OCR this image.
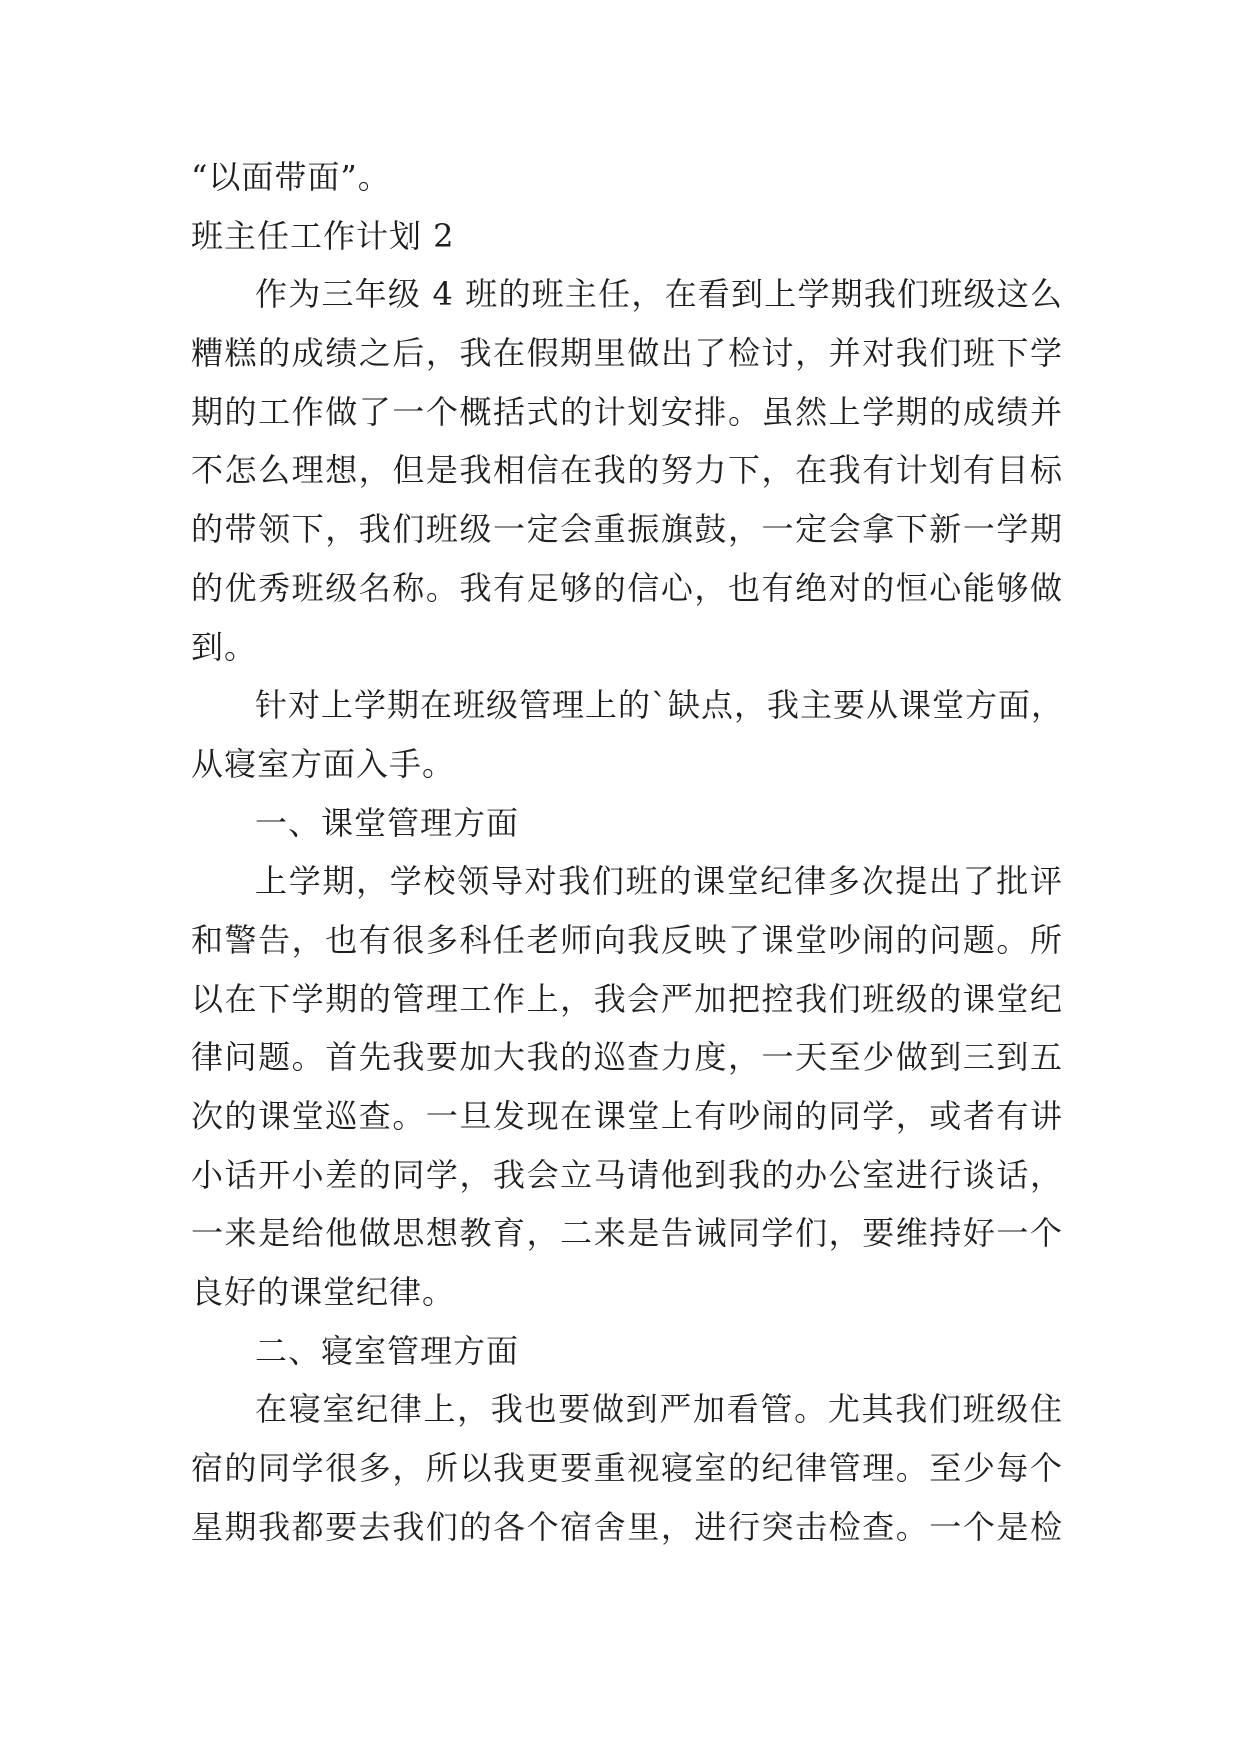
“以面带面”。
班主任工作计划 2
作为三年级 4 班的班主任，在看到上学期我们班级这么
糟糕的成绩之后，我在假期里做出了检讨，并对我们班下学
期的工作做了一个概括式的计划安排。虽然上学期的成绩并
不怎么理想，但是我相信在我的努力下，在我有计划有目标
的带领下，我们班级一定会重振旗鼓，一定会拿下新一学期
的优秀班级名称。我有足够的信心，也有绝对的恒心能够做
到。
针对上学期在班级管理上的`缺点，我主要从课堂方面，
从寝室方面入手。
一、课堂管理方面
上学期，学校领导对我们班的课堂纪律多次提出了批评
和警告，也有很多科任老师向我反映了课堂吵闹的问题。所
以在下学期的管理工作上，我会严加把控我们班级的课堂纪
律问题。首先我要加大我的巡查力度，一天至少做到三到五
次的课堂巡查。一旦发现在课堂上有吵闹的同学，或者有讲
小话开小差的同学，我会立马请他到我的办公室进行谈话，
一来是给他做思想教育，二来是告诫同学们，要维持好一个
良好的课堂纪律。
二、寝室管理方面
在寝室纪律上，我也要做到严加看管。尤其我们班级住
宿的同学很多，所以我更要重视寝室的纪律管理。至少每个
星期我都要去我们的各个宿舍里，进行突击检查。一个是检
